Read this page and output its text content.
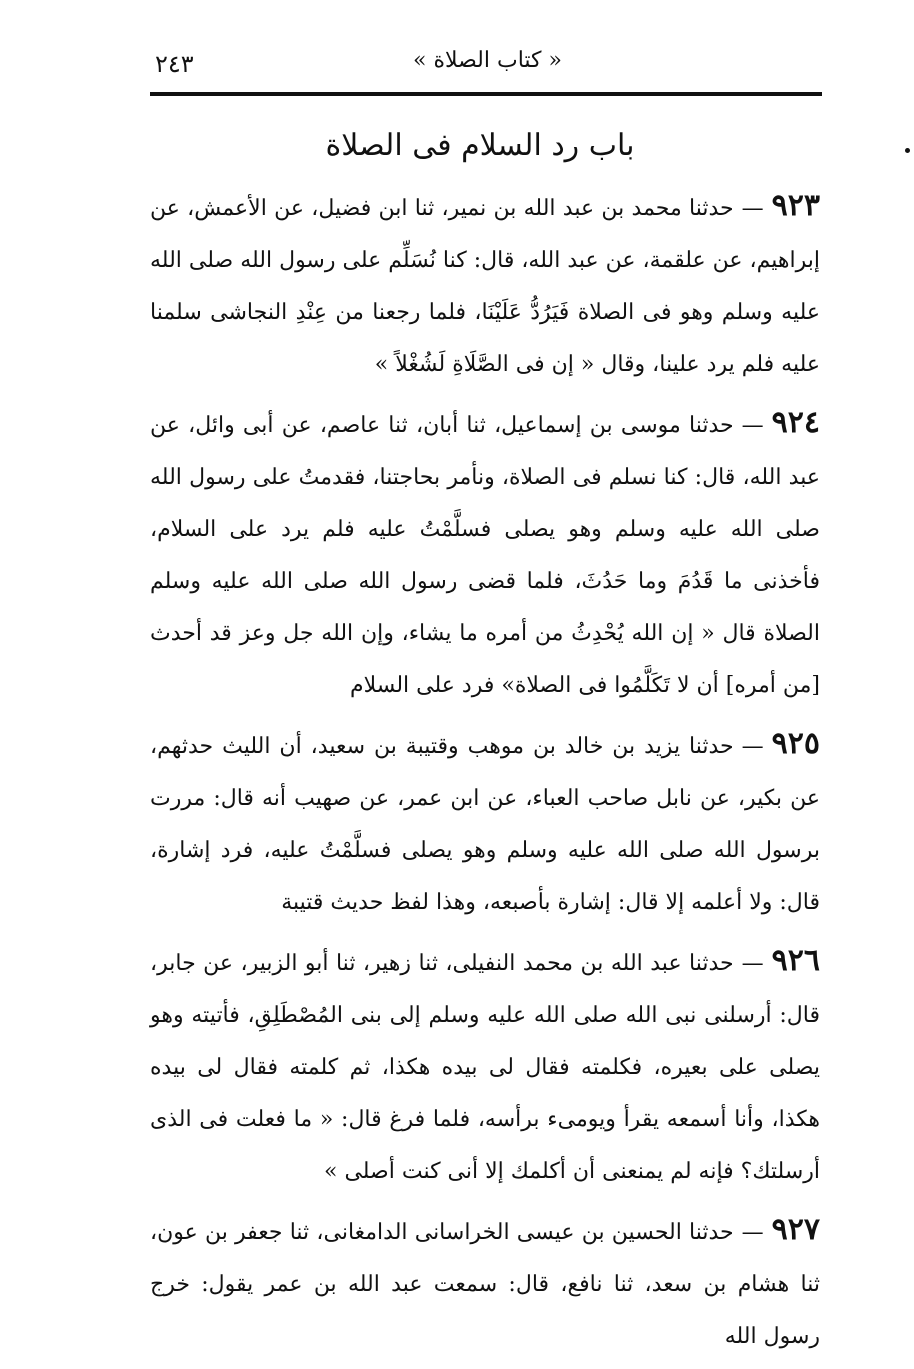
٢٤٣	« كتاب الصلاة »
باب رد السلام فى الصلاة

٩٢٣—حدثنا محمد بن عبد الله بن نمير، ثنا ابن فضيل، عن الأعمش، عن إبراهيم، عن علقمة، عن عبد الله، قال: كنا نُسَلِّم على رسول الله صلى الله عليه وسلم وهو فى الصلاة فَيَرُدُّ عَلَيْنَا، فلما رجعنا من عِنْدِ النجاشى سلمنا عليه فلم يرد علينا، وقال « إن فى الصَّلَاةِ لَشُغْلاً »

٩٢٤—حدثنا موسى بن إسماعيل، ثنا أبان، ثنا عاصم، عن أبى وائل، عن عبد الله، قال: كنا نسلم فى الصلاة، ونأمر بحاجتنا، فقدمتُ على رسول الله صلى الله عليه وسلم وهو يصلى فسلَّمْتُ عليه فلم يرد على السلام، فأخذنى ما قَدُمَ وما حَدُثَ، فلما قضى رسول الله صلى الله عليه وسلم الصلاة قال « إن الله يُحْدِثُ من أمره ما يشاء، وإن الله جل وعز قد أحدث [من أمره] أن لا تَكَلَّمُوا فى الصلاة» فرد على السلام

٩٢٥—حدثنا يزيد بن خالد بن موهب وقتيبة بن سعيد، أن الليث حدثهم، عن بكير، عن نابل صاحب العباء، عن ابن عمر، عن صهيب أنه قال: مررت برسول الله صلى الله عليه وسلم وهو يصلى فسلَّمْتُ عليه، فرد إشارة، قال: ولا أعلمه إلا قال: إشارة بأصبعه، وهذا لفظ حديث قتيبة

٩٢٦—حدثنا عبد الله بن محمد النفيلى، ثنا زهير، ثنا أبو الزبير، عن جابر، قال: أرسلنى نبى الله صلى الله عليه وسلم إلى بنى المُصْطَلِقِ، فأتيته وهو يصلى على بعيره، فكلمته فقال لى بيده هكذا، ثم كلمته فقال لى بيده هكذا، وأنا أسمعه يقرأ ويومىء برأسه، فلما فرغ قال: « ما فعلت فى الذى أرسلتك؟ فإنه لم يمنعنى أن أكلمك إلا أنى كنت أصلى »

٩٢٧—حدثنا الحسين بن عيسى الخراسانى الدامغانى، ثنا جعفر بن عون، ثنا هشام بن سعد، ثنا نافع، قال: سمعت عبد الله بن عمر يقول: خرج رسول الله
